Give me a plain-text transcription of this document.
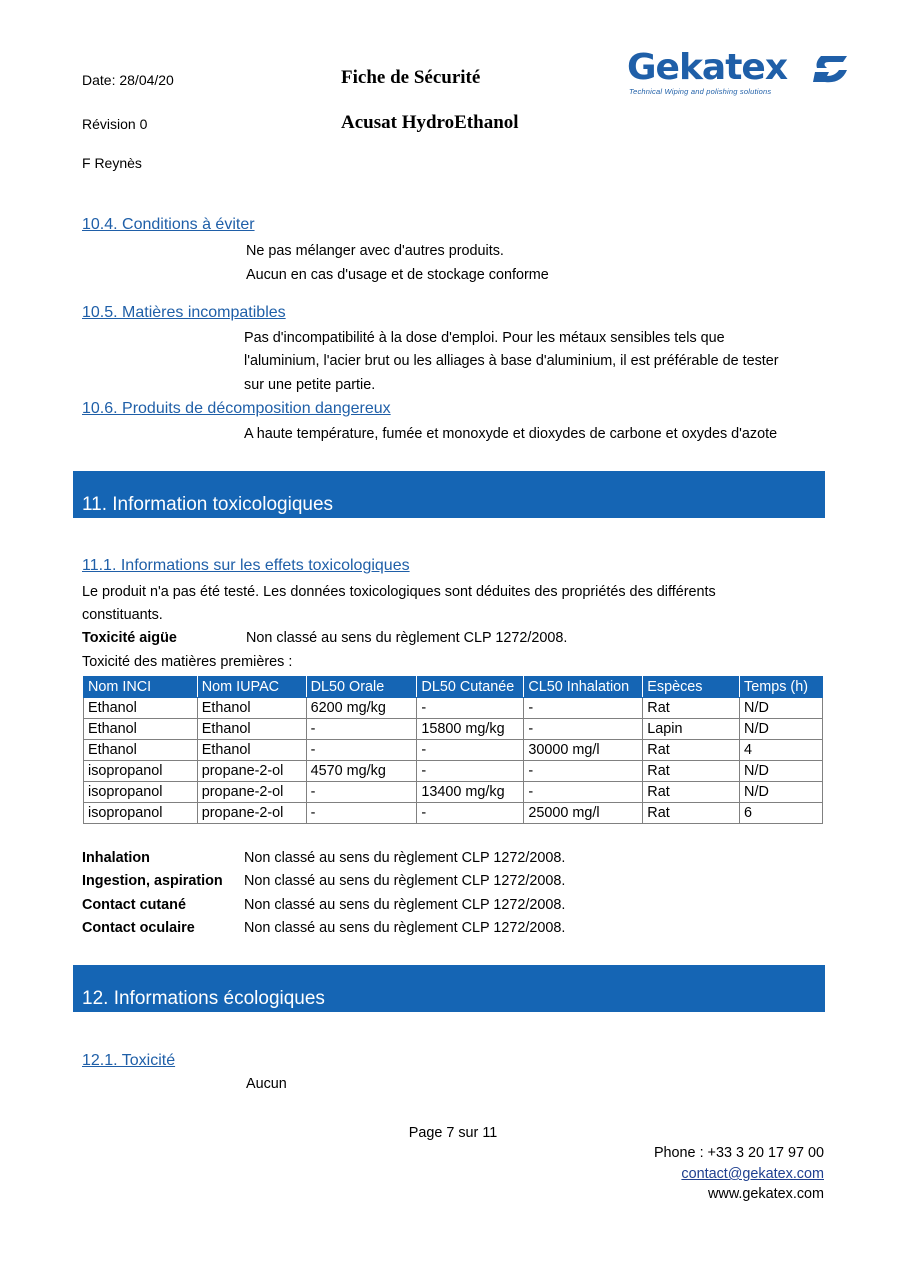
Date: 28/04/20
Révision 0
F Reynès
Fiche de Sécurité
Acusat HydroEthanol
Gekatex
Technical Wiping and polishing solutions
10.4. Conditions à éviter
Ne pas mélanger avec d'autres produits.
Aucun en cas d'usage et de stockage conforme
10.5. Matières incompatibles
Pas d'incompatibilité à la dose d'emploi. Pour les métaux sensibles tels que
l'aluminium, l'acier brut ou les alliages à base d'aluminium, il est préférable de tester
sur une petite partie.
10.6. Produits de décomposition dangereux
A haute température, fumée et monoxyde et dioxydes de carbone et oxydes d'azote
11. Information toxicologiques
11.1. Informations sur les effets toxicologiques
Le produit n'a pas été testé. Les données toxicologiques sont déduites des propriétés des différents
constituants.
Toxicité aigüe	Non classé au sens du règlement CLP 1272/2008.
Toxicité des matières premières :
Nom INCI	Nom IUPAC	DL50 Orale	DL50 Cutanée	CL50 Inhalation	Espèces	Temps (h)
Ethanol	Ethanol	6200 mg/kg	-	-	Rat	N/D
Ethanol	Ethanol	-	15800 mg/kg	-	Lapin	N/D
Ethanol	Ethanol	-	-	30000 mg/l	Rat	4
isopropanol	propane-2-ol	4570 mg/kg	-	-	Rat	N/D
isopropanol	propane-2-ol	-	13400 mg/kg	-	Rat	N/D
isopropanol	propane-2-ol	-	-	25000 mg/l	Rat	6
Inhalation	Non classé au sens du règlement CLP 1272/2008.
Ingestion, aspiration Non classé au sens du règlement CLP 1272/2008.
Contact cutané	Non classé au sens du règlement CLP 1272/2008.
Contact oculaire	Non classé au sens du règlement CLP 1272/2008.
12. Informations écologiques
12.1. Toxicité
Aucun
Page 7 sur 11
Phone : +33 3 20 17 97 00
contact@gekatex.com
www.gekatex.com
